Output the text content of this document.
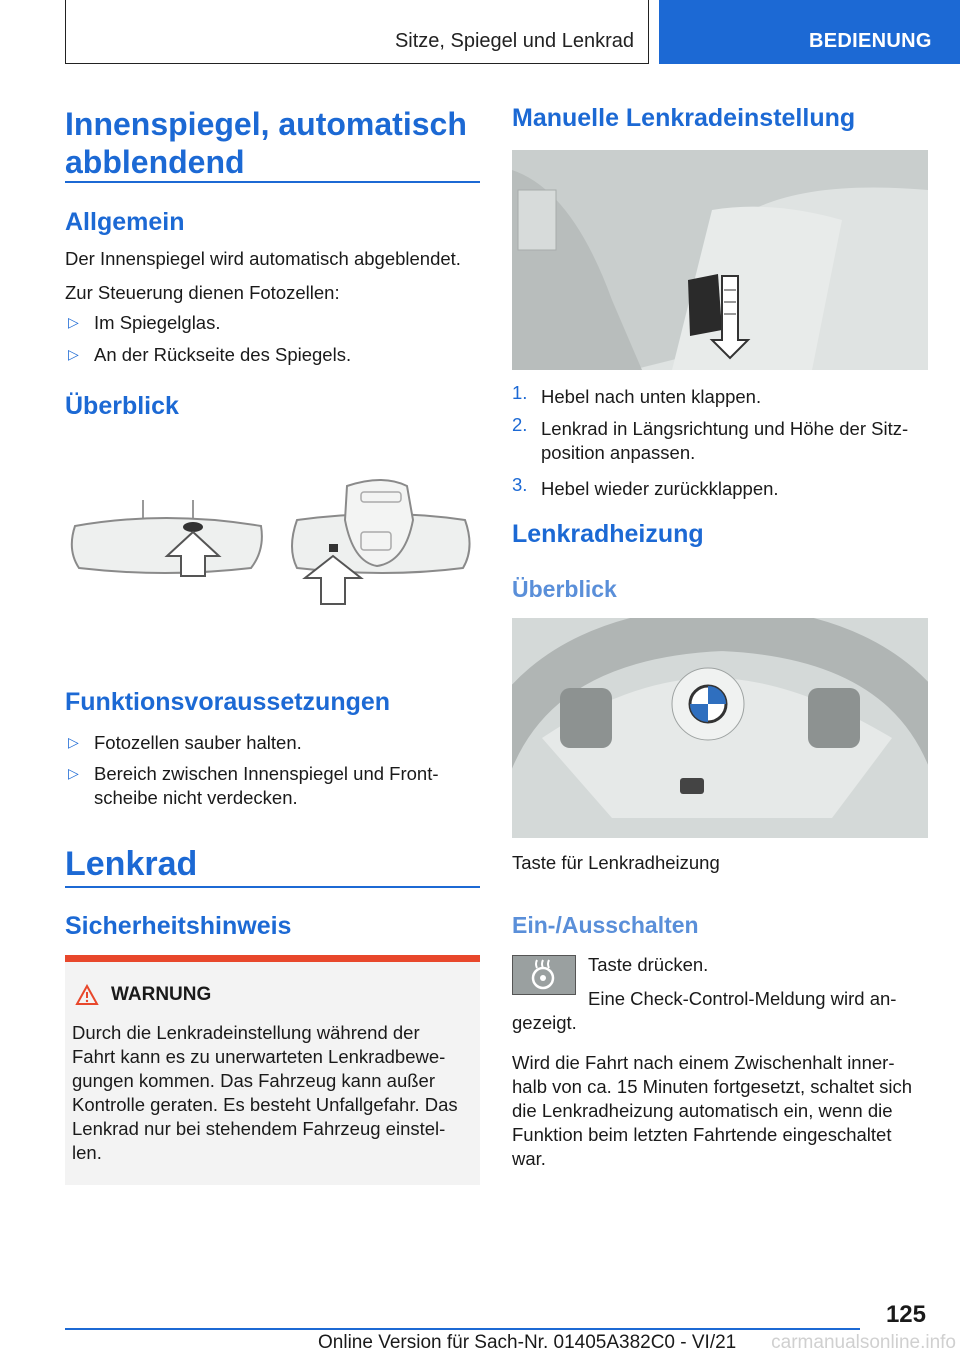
Sitze, Spiegel und Lenkrad	BEDIENUNG
Innenspiegel, automatisch
abblendend
Allgemein
Der Innenspiegel wird automatisch abgeblendet.
Zur Steuerung dienen Fotozellen:
▷ Im Spiegelglas.
▷ An der Rückseite des Spiegels.
Überblick
Funktionsvoraussetzungen
▷ Fotozellen sauber halten.
▷ Bereich zwischen Innenspiegel und Front-
scheibe nicht verdecken.
Lenkrad
Sicherheitshinweis
WARNUNG
Durch die Lenkradeinstellung während der
Fahrt kann es zu unerwarteten Lenkradbewe-
gungen kommen. Das Fahrzeug kann außer
Kontrolle geraten. Es besteht Unfallgefahr. Das
Lenkrad nur bei stehendem Fahrzeug einstel-
len.
Manuelle Lenkradeinstellung
1. Hebel nach unten klappen.
2. Lenkrad in Längsrichtung und Höhe der Sitz-
position anpassen.
3. Hebel wieder zurückklappen.
Lenkradheizung
Überblick
Taste für Lenkradheizung
Ein-/Ausschalten
Taste drücken.
Eine Check-Control-Meldung wird an-
gezeigt.
Wird die Fahrt nach einem Zwischenhalt inner-
halb von ca. 15 Minuten fortgesetzt, schaltet sich
die Lenkradheizung automatisch ein, wenn die
Funktion beim letzten Fahrtende eingeschaltet
war.
125
Online Version für Sach-Nr. 01405A382C0 - VI/21 carmanualsonline.info
